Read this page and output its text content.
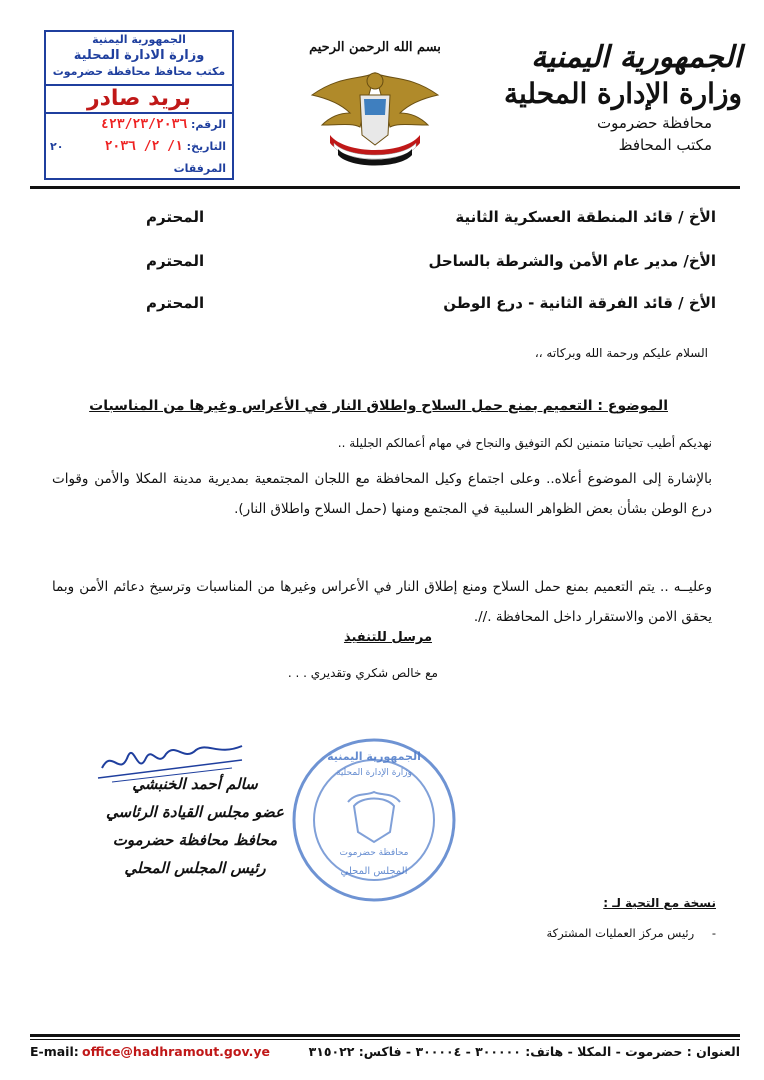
الجمهورية اليمنية
وزارة الإدارة المحلية
محافظة حضرموت
مكتب المحافظ
بسم الله الرحمن الرحيم
الجمهورية اليمنية
وزارة الادارة المحلية
مكتب محافظ محافظة حضرموت
بريد صادر
الرقم: ٤٢٣/٢٣/٢٠٣٦
التاريخ: ١/ ٢/ ٢٠٣٦
٢٠
المرفقات
الأخ / قائد المنطقة العسكرية الثانية
المحترم
الأخ/ مدير عام الأمن والشرطة بالساحل
المحترم
الأخ / قائد الفرقة الثانية - درع الوطن
المحترم
السلام عليكم ورحمة الله وبركاته ،،
الموضوع : التعميم بمنع حمل السلاح واطلاق النار في الأعراس وغيرها من المناسبات
نهديكم أطيب تحياتنا متمنين لكم التوفيق والنجاح في مهام أعمالكم الجليلة ..
بالإشارة إلى الموضوع أعلاه.. وعلى اجتماع وكيل المحافظة مع اللجان المجتمعية بمديرية مدينة المكلا والأمن وقوات درع الوطن بشأن بعض الظواهر السلبية في المجتمع ومنها (حمل السلاح واطلاق النار).
وعليــه .. يتم التعميم بمنع حمل السلاح ومنع إطلاق النار في الأعراس وغيرها من المناسبات وترسيخ دعائم الأمن وبما يحقق الامن والاستقرار داخل المحافظة .//.
مرسل للتنفيذ
مع خالص شكري وتقديري . . .
سالم أحمد الخنبشي
عضو مجلس القيادة الرئاسي
محافظ محافظة حضرموت
رئيس المجلس المحلي
الجمهورية اليمنية
وزارة الإدارة المحلية
محافظة حضرموت
المجلس المحلي
نسخة مع التحية لـ :
- رئيس مركز العمليات المشتركة
E-mail: office@hadhramout.gov.ye	العنوان : حضرموت - المكلا - هاتف: ٣٠٠٠٠٠ - ٣٠٠٠٠٤ - فاكس: ٣١٥٠٢٢
